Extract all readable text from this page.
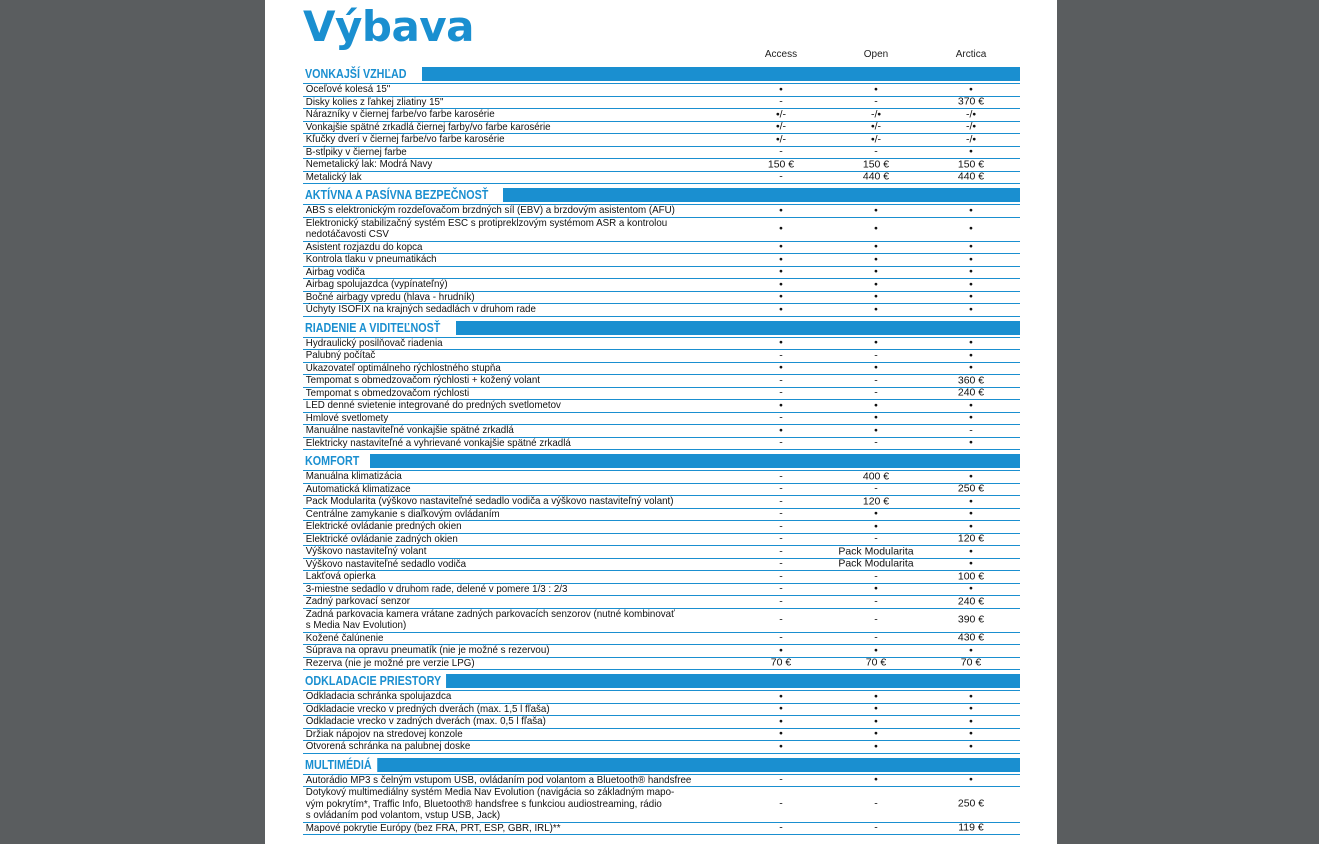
Výbava
Access	Open	Arctica
VONKAJŠÍ VZHĽAD
Oceľové kolesá 15"	•	•	•
Disky kolies z ľahkej zliatiny 15"	-	-	370 €
Nárazníky v čiernej farbe/vo farbe karosérie	•/-	-/•	-/•
Vonkajšie spätné zrkadlá čiernej farby/vo farbe karosérie	•/-	•/-	-/•
Kľučky dverí v čiernej farbe/vo farbe karosérie	•/-	•/-	-/•
B-stĺpiky v čiernej farbe	-	-	•
Nemetalický lak: Modrá Navy	150 €	150 €	150 €
Metalický lak	-	440 €	440 €
AKTÍVNA A PASÍVNA BEZPEČNOSŤ
ABS s elektronickým rozdeľovačom brzdných síl (EBV) a brzdovým asistentom (AFU)	•	•	•
Elektronický stabilizačný systém ESC s protipreklzovým systémom ASR a kontrolou
nedotáčavosti CSV	•	•	•
Asistent rozjazdu do kopca	•	•	•
Kontrola tlaku v pneumatikách	•	•	•
Airbag vodiča	•	•	•
Airbag spolujazdca (vypínateľný)	•	•	•
Bočné airbagy vpredu (hlava - hrudník)	•	•	•
Úchyty ISOFIX na krajných sedadlách v druhom rade	•	•	•
RIADENIE A VIDITEĽNOSŤ
Hydraulický posilňovač riadenia	•	•	•
Palubný počítač	-	-	•
Ukazovateľ optimálneho rýchlostného stupňa	•	•	•
Tempomat s obmedzovačom rýchlosti + kožený volant	-	-	360 €
Tempomat s obmedzovačom rýchlosti	-	-	240 €
LED denné svietenie integrované do predných svetlometov	•	•	•
Hmlové svetlomety	-	•	•
Manuálne nastaviteľné vonkajšie spätné zrkadlá	•	•	-
Elektricky nastaviteľné a vyhrievané vonkajšie spätné zrkadlá	-	-	•
KOMFORT
Manuálna klimatizácia	-	400 €	•
Automatická klimatizace	-	-	250 €
Pack Modularita (výškovo nastaviteľné sedadlo vodiča a výškovo nastaviteľný volant)	-	120 €	•
Centrálne zamykanie s diaľkovým ovládaním	-	•	•
Elektrické ovládanie predných okien	-	•	•
Elektrické ovládanie zadných okien	-	-	120 €
Výškovo nastaviteľný volant	-	Pack Modularita	•
Výškovo nastaviteľné sedadlo vodiča	-	Pack Modularita	•
Lakťová opierka	-	-	100 €
3-miestne sedadlo v druhom rade, delené v pomere 1/3 : 2/3	-	•	•
Zadný parkovací senzor	-	-	240 €
Zadná parkovacia kamera vrátane zadných parkovacích senzorov (nutné kombinovať
s Media Nav Evolution)	-	-	390 €
Kožené čalúnenie	-	-	430 €
Súprava na opravu pneumatík (nie je možné s rezervou)	•	•	•
Rezerva (nie je možné pre verzie LPG)	70 €	70 €	70 €
ODKLADACIE PRIESTORY
Odkladacia schránka spolujazdca	•	•	•
Odkladacie vrecko v predných dverách (max. 1,5 l fľaša)	•	•	•
Odkladacie vrecko v zadných dverách (max. 0,5 l fľaša)	•	•	•
Držiak nápojov na stredovej konzole	•	•	•
Otvorená schránka na palubnej doske	•	•	•
MULTIMÉDIÁ
Autorádio MP3 s čelným vstupom USB, ovládaním pod volantom a Bluetooth® handsfree	-	•	•
Dotykový multimediálny systém Media Nav Evolution (navigácia so základným mapo-
vým pokrytím*, Traffic Info, Bluetooth® handsfree s funkciou audiostreaming, rádio
s ovládaním pod volantom, vstup USB, Jack)
-	-	250 €
Mapové pokrytie Európy (bez FRA, PRT, ESP, GBR, IRL)**	-	-	119 €
